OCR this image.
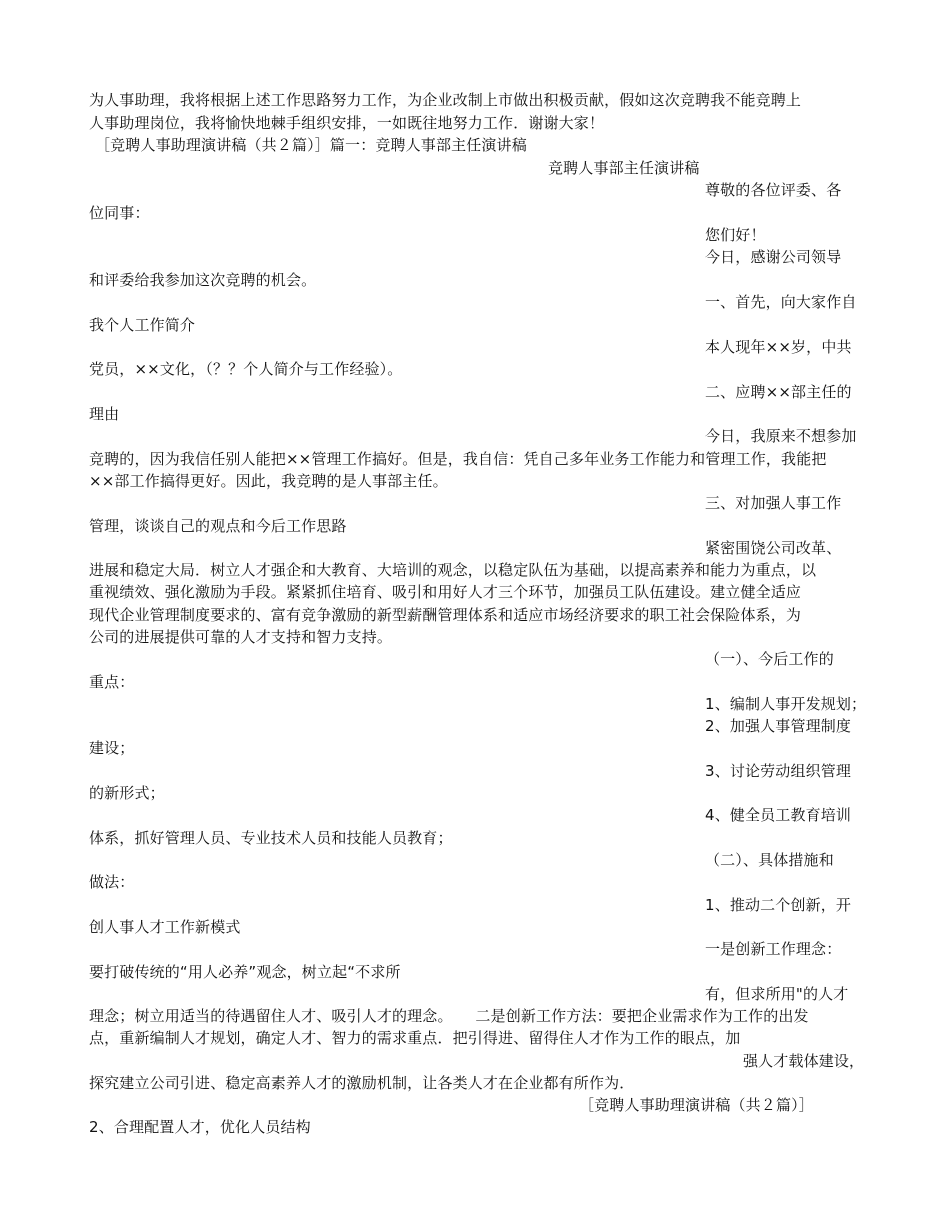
为人事助理，我将根据上述工作思路努力工作，为企业改制上市做出积极贡献，假如这次竞聘我不能竞聘上
人事助理岗位，我将愉快地棘手组织安排，一如既往地努力工作．谢谢大家！
［竞聘人事助理演讲稿（共２篇）］篇一：竞聘人事部主任演讲稿
竞聘人事部主任演讲稿
尊敬的各位评委、各
位同事：
您们好！
今日，感谢公司领导
和评委给我参加这次竞聘的机会。
一、首先，向大家作自
我个人工作简介
本人现年××岁，中共
党员，××文化，（？？个人简介与工作经验）。
二、应聘××部主任的
理由
今日，我原来不想参加
竞聘的，因为我信任别人能把××管理工作搞好。但是，我自信：凭自己多年业务工作能力和管理工作，我能把
××部工作搞得更好。因此，我竞聘的是人事部主任。
三、对加强人事工作
管理，谈谈自己的观点和今后工作思路
紧密围饶公司改革、
进展和稳定大局．树立人才强企和大教育、大培训的观念，以稳定队伍为基础，以提高素养和能力为重点，以
重视绩效、强化激励为手段。紧紧抓住培育、吸引和用好人才三个环节，加强员工队伍建设。建立健全适应
现代企业管理制度要求的、富有竞争激励的新型薪酬管理体系和适应市场经济要求的职工社会保险体系，为
公司的进展提供可靠的人才支持和智力支持。
（一）、今后工作的
重点：
1、编制人事开发规划；
2、加强人事管理制度
建设；
3、讨论劳动组织管理
的新形式；
4、健全员工教育培训
体系，抓好管理人员、专业技术人员和技能人员教育；
（二）、具体措施和
做法：
1、推动二个创新，开
创人事人才工作新模式
一是创新工作理念：
要打破传统的“用人必养”观念，树立起“不求所
有，但求所用"的人才
理念；树立用适当的待遇留住人才、吸引人才的理念。　　二是创新工作方法：要把企业需求作为工作的出发
点，重新编制人才规划，确定人才、智力的需求重点．把引得进、留得住人才作为工作的眼点，加
强人才载体建设，
探究建立公司引进、稳定高素养人才的激励机制，让各类人才在企业都有所作为．
［竞聘人事助理演讲稿（共２篇）］
2、合理配置人才，优化人员结构
